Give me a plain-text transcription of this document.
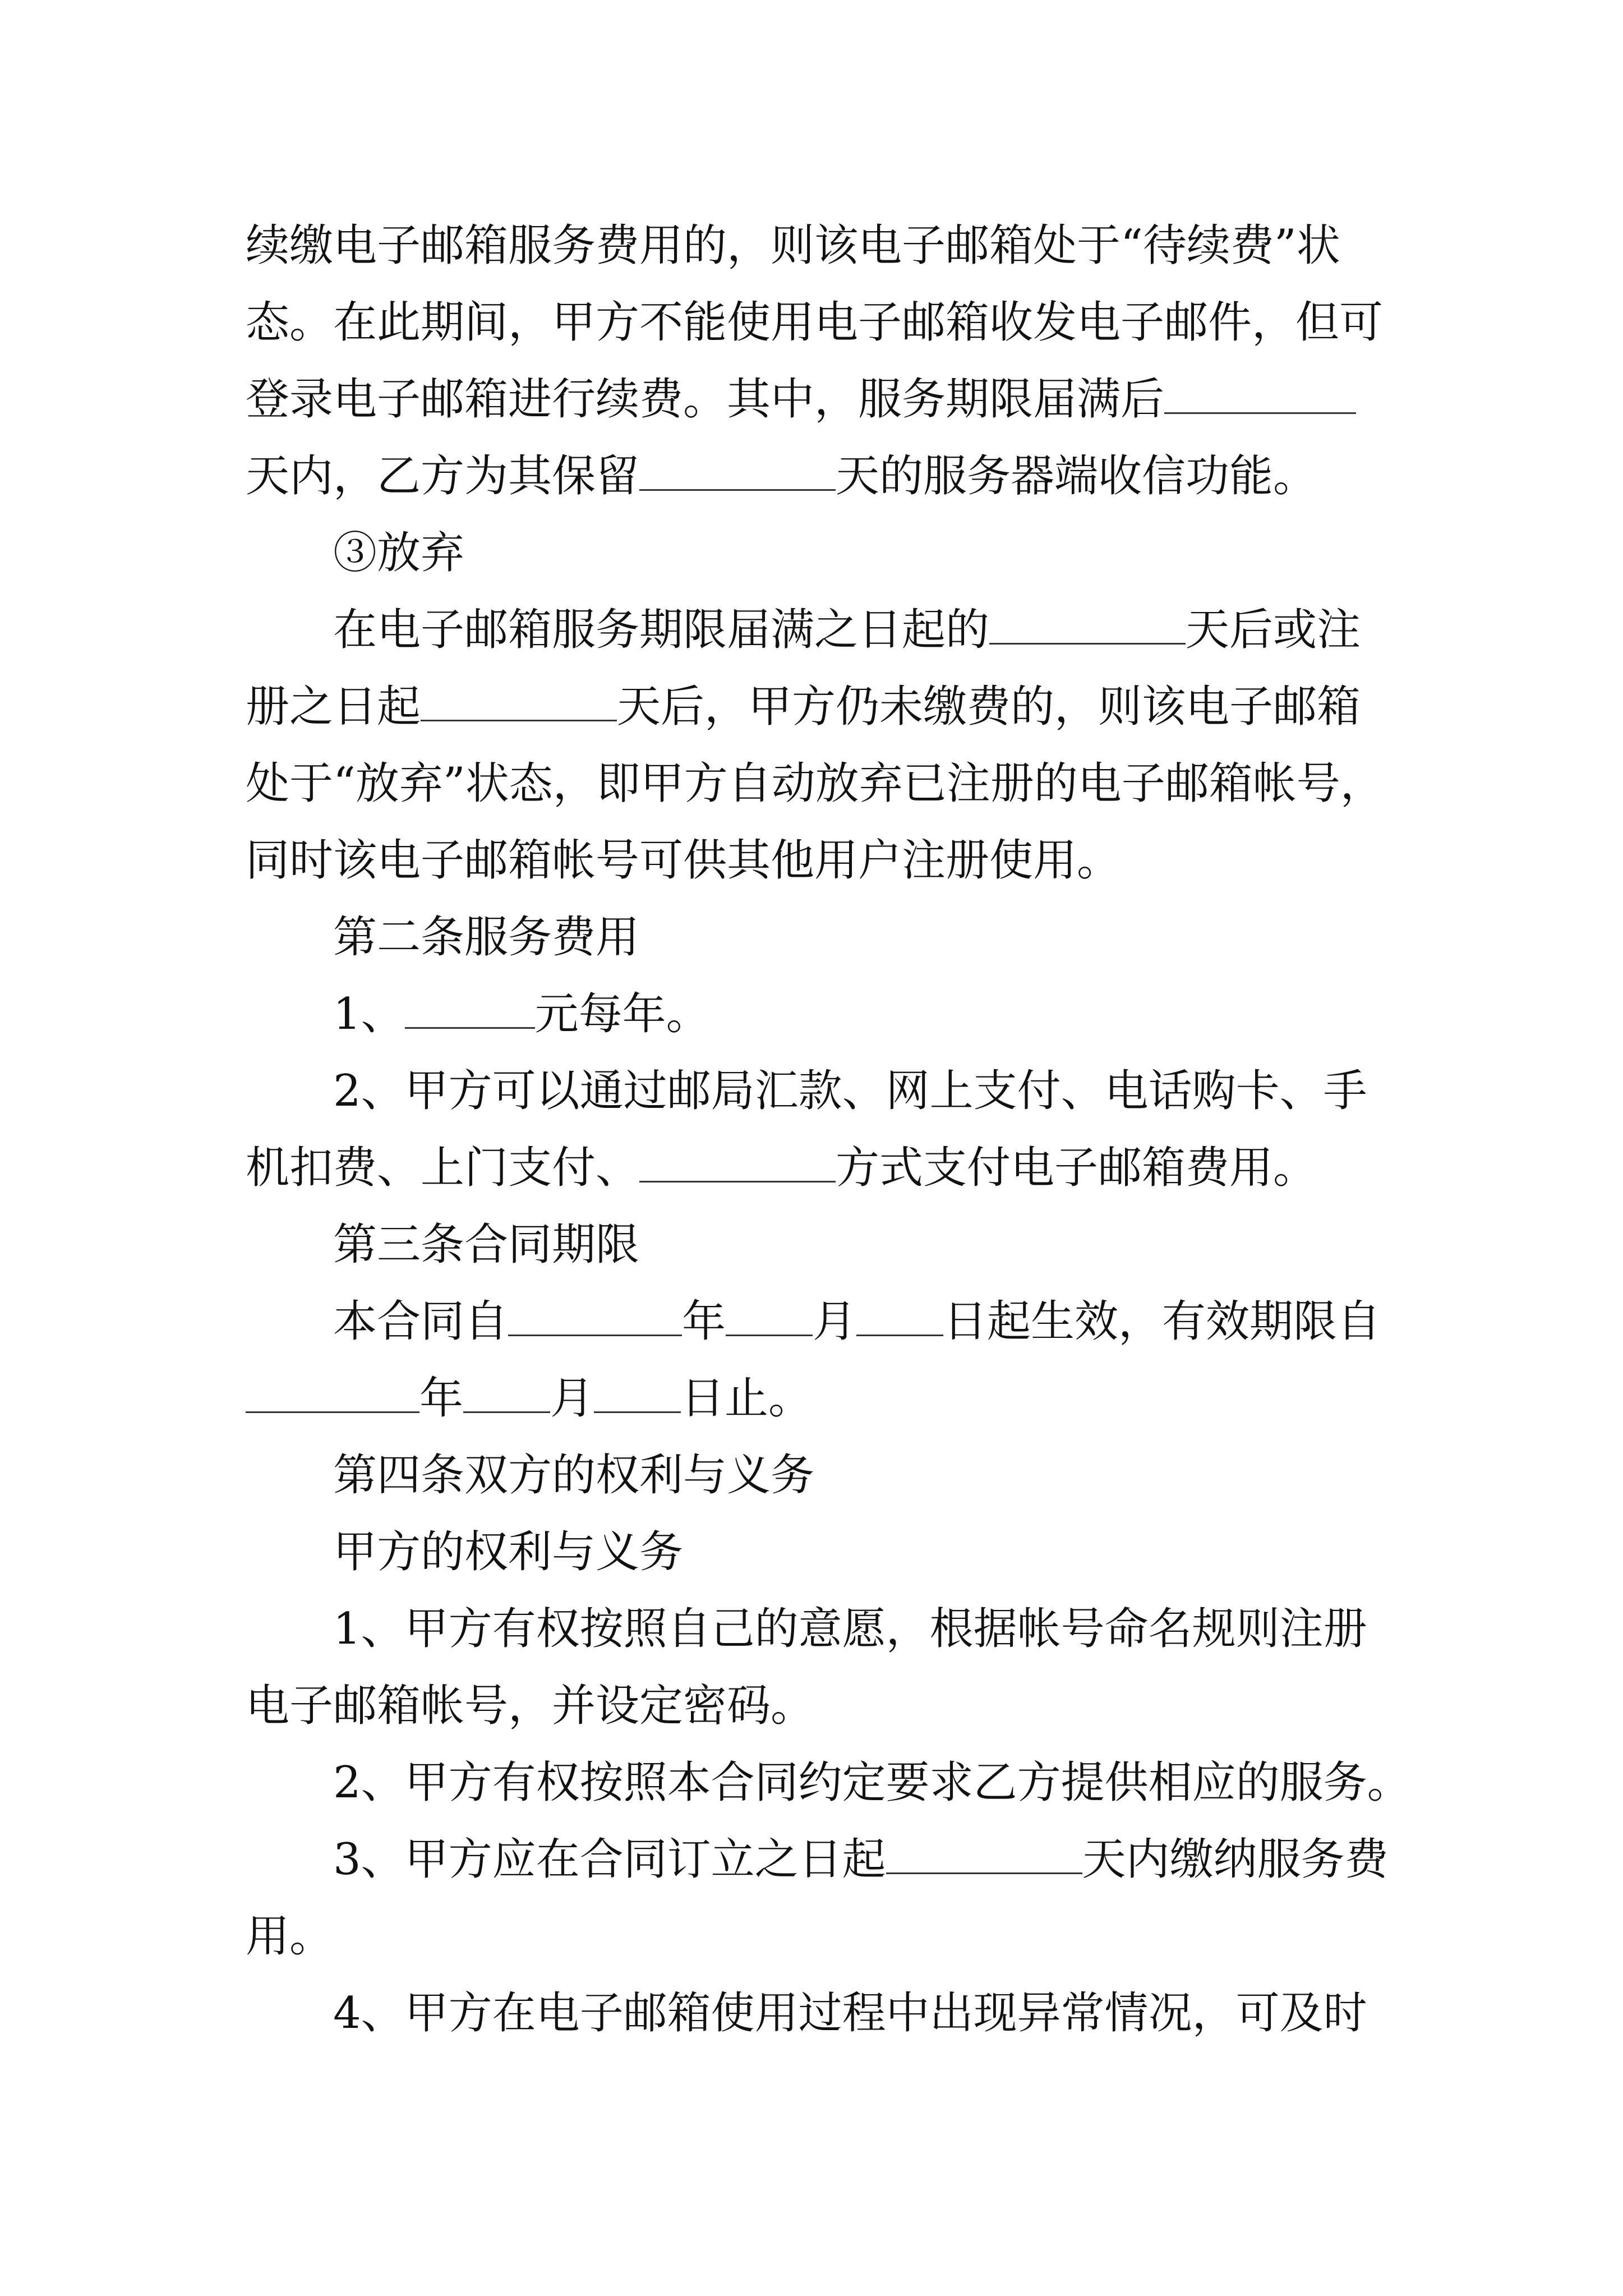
续缴电子邮箱服务费用的，则该电子邮箱处于“待续费”状
态。在此期间，甲方不能使用电子邮箱收发电子邮件，但可
登录电子邮箱进行续费。其中，服务期限届满后
天内，乙方为其保留	天的服务器端收信功能。
③放弃
在电子邮箱服务期限届满之日起的	天后或注
册之日起	天后，甲方仍未缴费的，则该电子邮箱
处于“放弃”状态，即甲方自动放弃已注册的电子邮箱帐号，
同时该电子邮箱帐号可供其他用户注册使用。
第二条服务费用
1、	元每年。
2、甲方可以通过邮局汇款、网上支付、电话购卡、手
机扣费、上门支付、	方式支付电子邮箱费用。
第三条合同期限
本合同自	年 月 日起生效，有效期限自
年 月 日止。
第四条双方的权利与义务
甲方的权利与义务
1、甲方有权按照自己的意愿，根据帐号命名规则注册
电子邮箱帐号，并设定密码。
2、甲方有权按照本合同约定要求乙方提供相应的服务。
3、甲方应在合同订立之日起	天内缴纳服务费
用。
4、甲方在电子邮箱使用过程中出现异常情况，可及时
